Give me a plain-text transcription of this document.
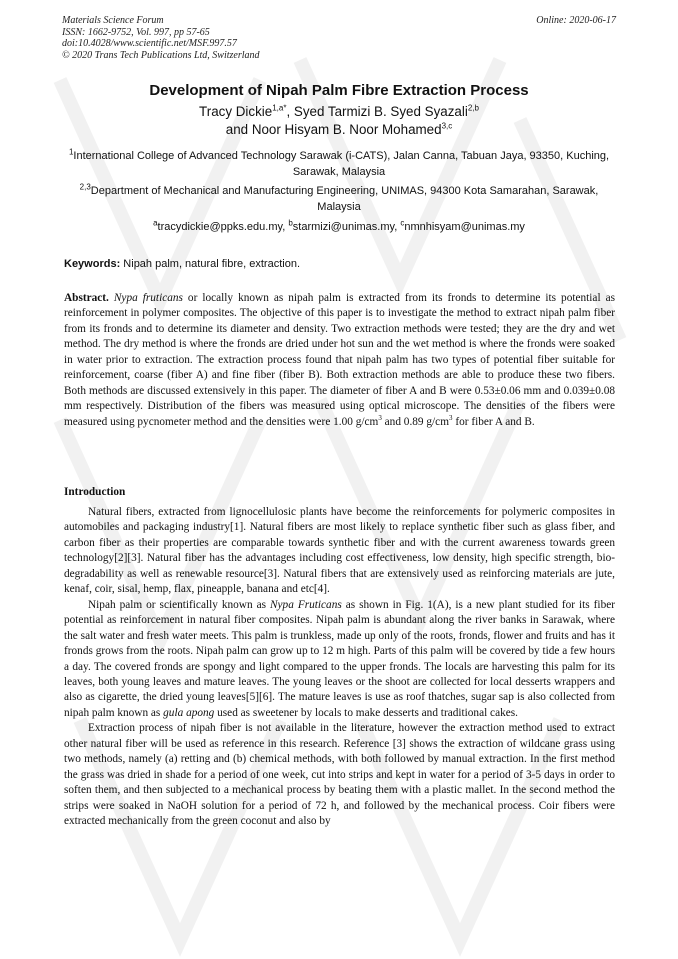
Materials Science Forum
ISSN: 1662-9752, Vol. 997, pp 57-65
doi:10.4028/www.scientific.net/MSF.997.57
© 2020 Trans Tech Publications Ltd, Switzerland
Online: 2020-06-17
Development of Nipah Palm Fibre Extraction Process
Tracy Dickie$^{1,a*}$, Syed Tarmizi B. Syed Syazali$^{2,b}$
and Noor Hisyam B. Noor Mohamed$^{3,c}$
$^1$International College of Advanced Technology Sarawak (i-CATS), Jalan Canna, Tabuan Jaya, 93350, Kuching, Sarawak, Malaysia
$^{2,3}$Department of Mechanical and Manufacturing Engineering, UNIMAS, 94300 Kota Samarahan, Sarawak, Malaysia
$^a$tracydickie@ppks.edu.my, $^b$starmizi@unimas.my, $^c$nmnhisyam@unimas.my
Keywords: Nipah palm, natural fibre, extraction.
Abstract. Nypa fruticans or locally known as nipah palm is extracted from its fronds to determine its potential as reinforcement in polymer composites. The objective of this paper is to investigate the method to extract nipah palm fiber from its fronds and to determine its diameter and density. Two extraction methods were tested; they are the dry and wet method. The dry method is where the fronds are dried under hot sun and the wet method is where the fronds were soaked in water prior to extraction. The extraction process found that nipah palm has two types of potential fiber suitable for reinforcement, coarse (fiber A) and fine fiber (fiber B). Both extraction methods are able to produce these two fibers. Both methods are discussed extensively in this paper. The diameter of fiber A and B were 0.53±0.06 mm and 0.039±0.08 mm respectively. Distribution of the fibers was measured using optical microscope. The densities of the fibers were measured using pycnometer method and the densities were 1.00 $g/cm^3$ and 0.89 $g/cm^3$ for fiber A and B.
Introduction

Natural fibers, extracted from lignocellulosic plants have become the reinforcements for polymeric composites in automobiles and packaging industry[1]. Natural fibers are most likely to replace synthetic fiber such as glass fiber, and carbon fiber as their properties are comparable towards synthetic fiber and with the current awareness towards green technology[2][3]. Natural fiber has the advantages including cost effectiveness, low density, high specific strength, bio-degradability as well as renewable resource[3]. Natural fibers that are extensively used as reinforcing materials are jute, kenaf, coir, sisal, hemp, flax, pineapple, banana and etc[4].

Nipah palm or scientifically known as Nypa Fruticans as shown in Fig. 1(A), is a new plant studied for its fiber potential as reinforcement in natural fiber composites. Nipah palm is abundant along the river banks in Sarawak, where the salt water and fresh water meets. This palm is trunkless, made up only of the roots, fronds, flower and fruits and has it fronds grows from the roots. Nipah palm can grow up to 12 m high. Parts of this palm will be covered by tide a few hours a day. The covered fronds are spongy and light compared to the upper fronds. The locals are harvesting this palm for its leaves, both young leaves and mature leaves. The young leaves or the shoot are collected for local desserts wrappers and also as cigarette, the dried young leaves[5][6]. The mature leaves is use as roof thatches, sugar sap is also collected from nipah palm known as gula apong used as sweetener by locals to make desserts and traditional cakes.

Extraction process of nipah fiber is not available in the literature, however the extraction method used to extract other natural fiber will be used as reference in this research. Reference [3] shows the extraction of wildcane grass using two methods, namely (a) retting and (b) chemical methods, with both followed by manual extraction. In the first method the grass was dried in shade for a period of one week, cut into strips and kept in water for a period of 3-5 days in order to soften them, and then subjected to a mechanical process by beating them with a plastic mallet. In the second method the strips were soaked in NaOH solution for a period of 72 h, and followed by the mechanical process. Coir fibers were extracted mechanically from the green coconut and also by
